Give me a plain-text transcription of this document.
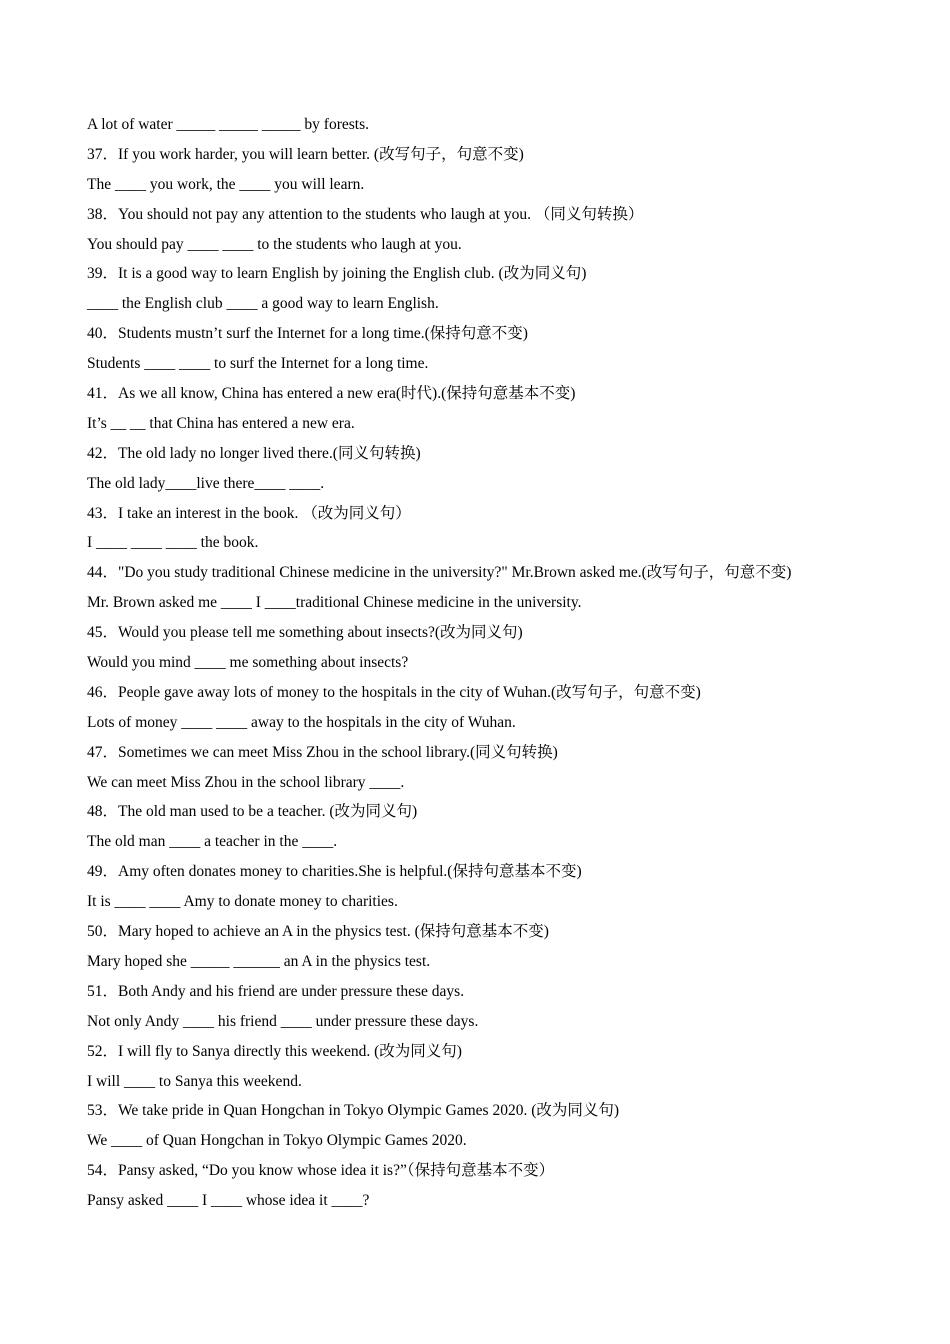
A lot of water _____ _____ _____ by forests.
37．If you work harder, you will learn better. (改写句子，句意不变)
The ____ you work, the ____ you will learn.
38．You should not pay any attention to the students who laugh at you. （同义句转换）
You should pay ____ ____ to the students who laugh at you.
39．It is a good way to learn English by joining the English club. (改为同义句)
____ the English club ____ a good way to learn English.
40．Students mustn’t surf the Internet for a long time.(保持句意不变)
Students ____ ____ to surf the Internet for a long time.
41．As we all know, China has entered a new era(时代).(保持句意基本不变)
It’s __ __ that China has entered a new era.
42．The old lady no longer lived there.(同义句转换)
The old lady____live there____ ____.
43．I take an interest in the book. （改为同义句）
I ____ ____ ____ the book.
44．"Do you study traditional Chinese medicine in the university?" Mr.Brown asked me.(改写句子，句意不变)
Mr. Brown asked me ____ I ____traditional Chinese medicine in the university.
45．Would you please tell me something about insects?(改为同义句)
Would you mind ____ me something about insects?
46．People gave away lots of money to the hospitals in the city of Wuhan.(改写句子，句意不变)
Lots of money ____ ____ away to the hospitals in the city of Wuhan.
47．Sometimes we can meet Miss Zhou in the school library.(同义句转换)
We can meet Miss Zhou in the school library ____.
48．The old man used to be a teacher. (改为同义句)
The old man ____ a teacher in the ____.
49．Amy often donates money to charities.She is helpful.(保持句意基本不变)
It is ____ ____ Amy to donate money to charities.
50．Mary hoped to achieve an A in the physics test. (保持句意基本不变)
Mary hoped she _____ ______ an A in the physics test.
51．Both Andy and his friend are under pressure these days.
Not only Andy ____ his friend ____ under pressure these days.
52．I will fly to Sanya directly this weekend. (改为同义句)
I will ____ to Sanya this weekend.
53．We take pride in Quan Hongchan in Tokyo Olympic Games 2020. (改为同义句)
We ____ of Quan Hongchan in Tokyo Olympic Games 2020.
54．Pansy asked, “Do you know whose idea it is?”（保持句意基本不变）
Pansy asked ____ I ____ whose idea it ____?
